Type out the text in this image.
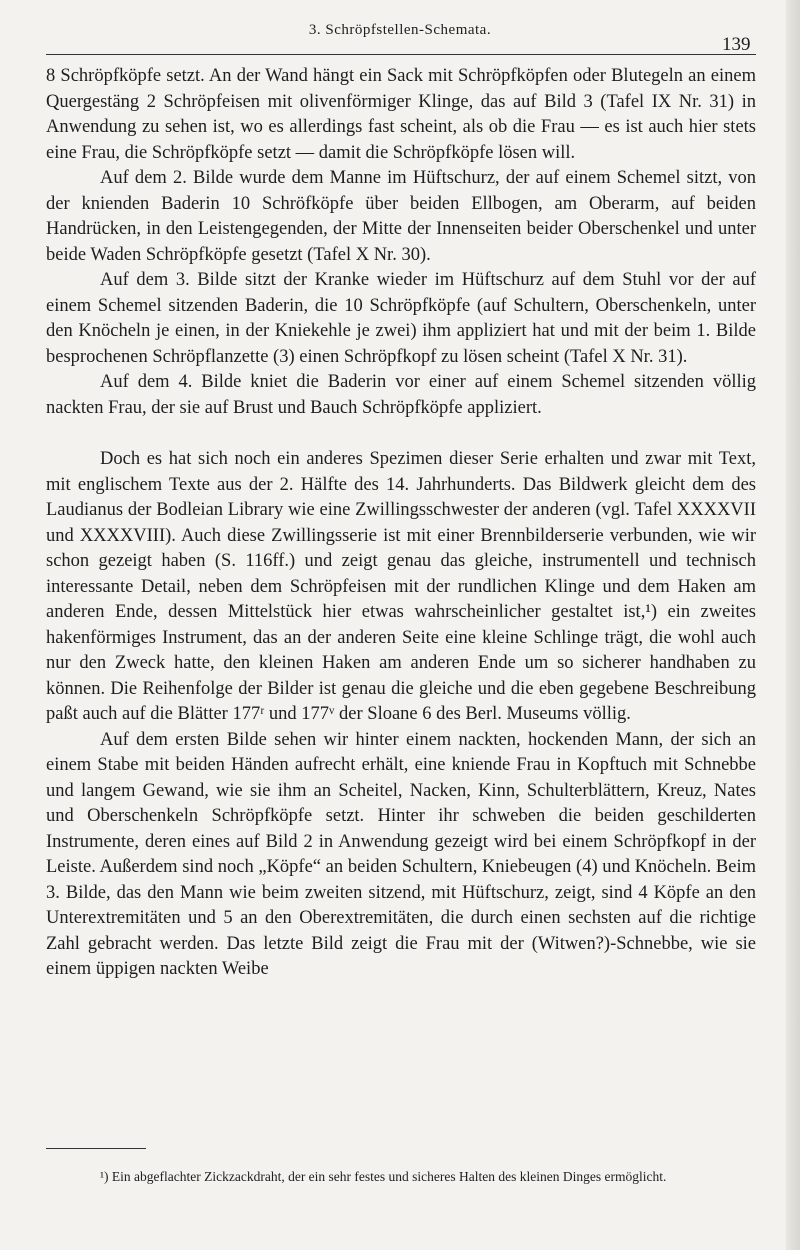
3. Schröpfstellen-Schemata.
139

8 Schröpfköpfe setzt. An der Wand hängt ein Sack mit Schröpfköpfen oder Blutegeln an einem Quergestäng 2 Schröpfeisen mit olivenförmiger Klinge, das auf Bild 3 (Tafel IX Nr. 31) in Anwendung zu sehen ist, wo es allerdings fast scheint, als ob die Frau — es ist auch hier stets eine Frau, die Schröpfköpfe setzt — damit die Schröpfköpfe lösen will.

Auf dem 2. Bilde wurde dem Manne im Hüftschurz, der auf einem Schemel sitzt, von der knienden Baderin 10 Schröfköpfe über beiden Ellbogen, am Oberarm, auf beiden Handrücken, in den Leistengegenden, der Mitte der Innenseiten beider Oberschenkel und unter beide Waden Schröpfköpfe gesetzt (Tafel X Nr. 30).

Auf dem 3. Bilde sitzt der Kranke wieder im Hüftschurz auf dem Stuhl vor der auf einem Schemel sitzenden Baderin, die 10 Schröpfköpfe (auf Schultern, Oberschenkeln, unter den Knöcheln je einen, in der Kniekehle je zwei) ihm appliziert hat und mit der beim 1. Bilde besprochenen Schröpflanzette (3) einen Schröpfkopf zu lösen scheint (Tafel X Nr. 31).

Auf dem 4. Bilde kniet die Baderin vor einer auf einem Schemel sitzenden völlig nackten Frau, der sie auf Brust und Bauch Schröpfköpfe appliziert.

Doch es hat sich noch ein anderes Spezimen dieser Serie erhalten und zwar mit Text, mit englischem Texte aus der 2. Hälfte des 14. Jahrhunderts. Das Bildwerk gleicht dem des Laudianus der Bodleian Library wie eine Zwillingsschwester der anderen (vgl. Tafel XXXXVII und XXXXVIII). Auch diese Zwillingsserie ist mit einer Brennbilderserie verbunden, wie wir schon gezeigt haben (S. 116ff.) und zeigt genau das gleiche, instrumentell und technisch interessante Detail, neben dem Schröpfeisen mit der rundlichen Klinge und dem Haken am anderen Ende, dessen Mittelstück hier etwas wahrscheinlicher gestaltet ist,¹) ein zweites hakenförmiges Instrument, das an der anderen Seite eine kleine Schlinge trägt, die wohl auch nur den Zweck hatte, den kleinen Haken am anderen Ende um so sicherer handhaben zu können. Die Reihenfolge der Bilder ist genau die gleiche und die eben gegebene Beschreibung paßt auch auf die Blätter 177ʳ und 177ᵛ der Sloane 6 des Berl. Museums völlig.

Auf dem ersten Bilde sehen wir hinter einem nackten, hockenden Mann, der sich an einem Stabe mit beiden Händen aufrecht erhält, eine kniende Frau in Kopftuch mit Schnebbe und langem Gewand, wie sie ihm an Scheitel, Nacken, Kinn, Schulterblättern, Kreuz, Nates und Oberschenkeln Schröpfköpfe setzt. Hinter ihr schweben die beiden geschilderten Instrumente, deren eines auf Bild 2 in Anwendung gezeigt wird bei einem Schröpfkopf in der Leiste. Außerdem sind noch „Köpfe“ an beiden Schultern, Kniebeugen (4) und Knöcheln. Beim 3. Bilde, das den Mann wie beim zweiten sitzend, mit Hüftschurz, zeigt, sind 4 Köpfe an den Unterextremitäten und 5 an den Oberextremitäten, die durch einen sechsten auf die richtige Zahl gebracht werden. Das letzte Bild zeigt die Frau mit der (Witwen?)-Schnebbe, wie sie einem üppigen nackten Weibe

¹) Ein abgeflachter Zickzackdraht, der ein sehr festes und sicheres Halten des kleinen Dinges ermöglicht.
